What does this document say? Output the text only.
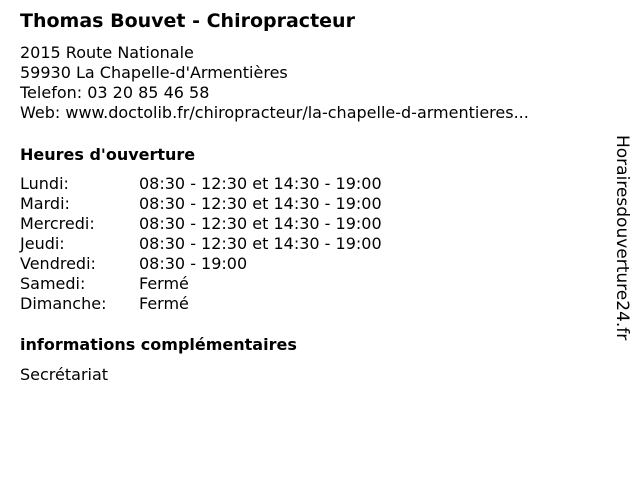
Thomas Bouvet - Chiropracteur
2015 Route Nationale
59930 La Chapelle-d'Armentières
Telefon: 03 20 85 46 58
Web: www.doctolib.fr/chiropracteur/la-chapelle-d-armentieres...
Heures d'ouverture
Lundi:	08:30 - 12:30 et 14:30 - 19:00
Mardi:	08:30 - 12:30 et 14:30 - 19:00
Mercredi:	08:30 - 12:30 et 14:30 - 19:00
Jeudi:	08:30 - 12:30 et 14:30 - 19:00
Vendredi:	08:30 - 19:00
Samedi:	Fermé
Dimanche: Fermé
informations complémentaires
Secrétariat
Horairesdouverture24.fr
